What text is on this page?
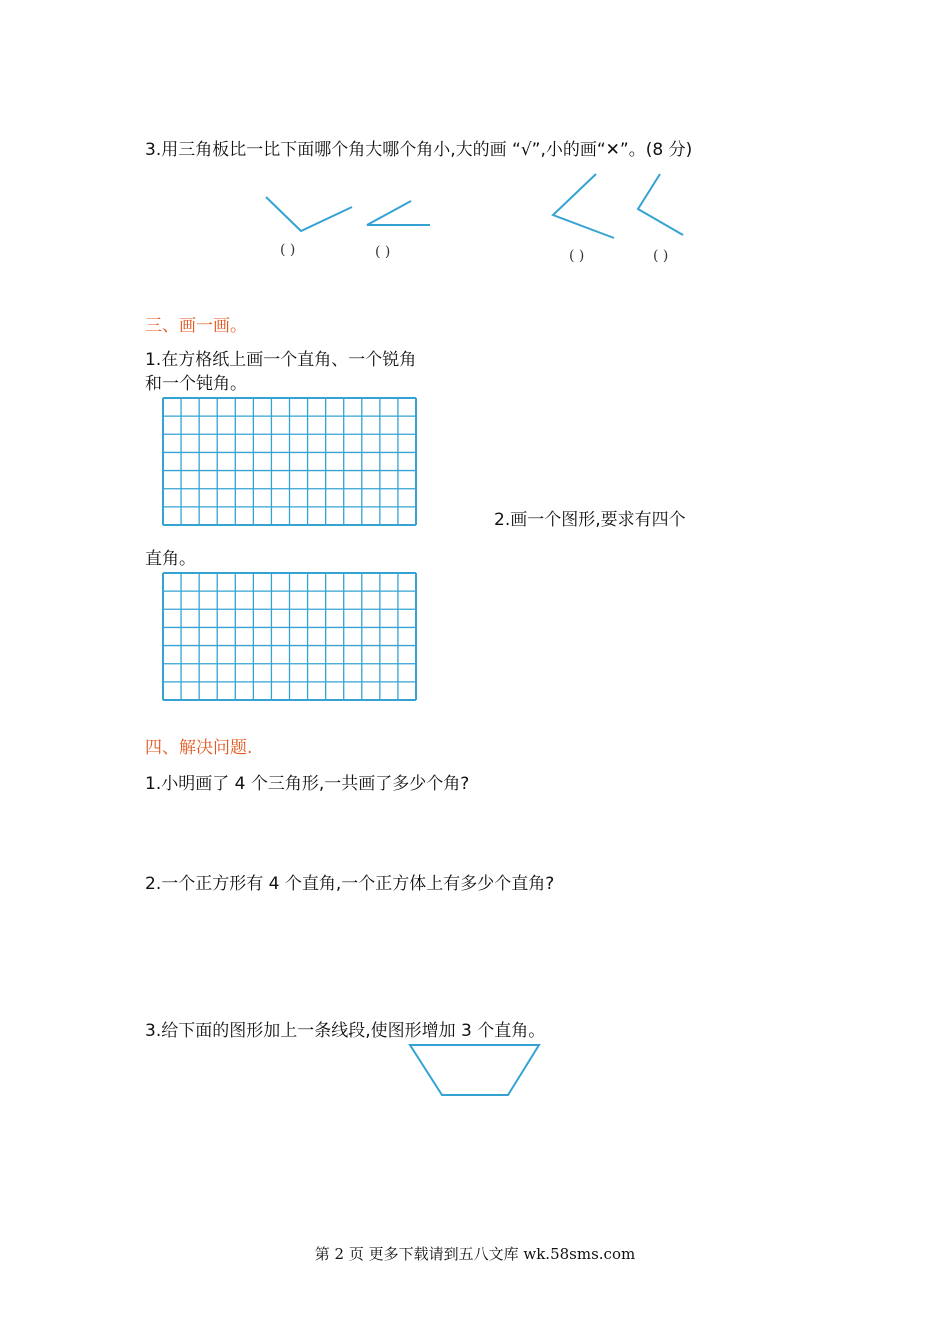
3.用三角板比一比下面哪个角大哪个角小,大的画 “√”,小的画“✕”。(8 分)
( )	( )	( )	( )
三、画一画。
1.在方格纸上画一个直角、一个锐角
和一个钝角。
2.画一个图形,要求有四个
直角。
四、解决问题.
1.小明画了 4 个三角形,一共画了多少个角?
2.一个正方形有 4 个直角,一个正方体上有多少个直角?
3.给下面的图形加上一条线段,使图形增加 3 个直角。
第 2 页 更多下载请到五八文库 wk.58sms.com
